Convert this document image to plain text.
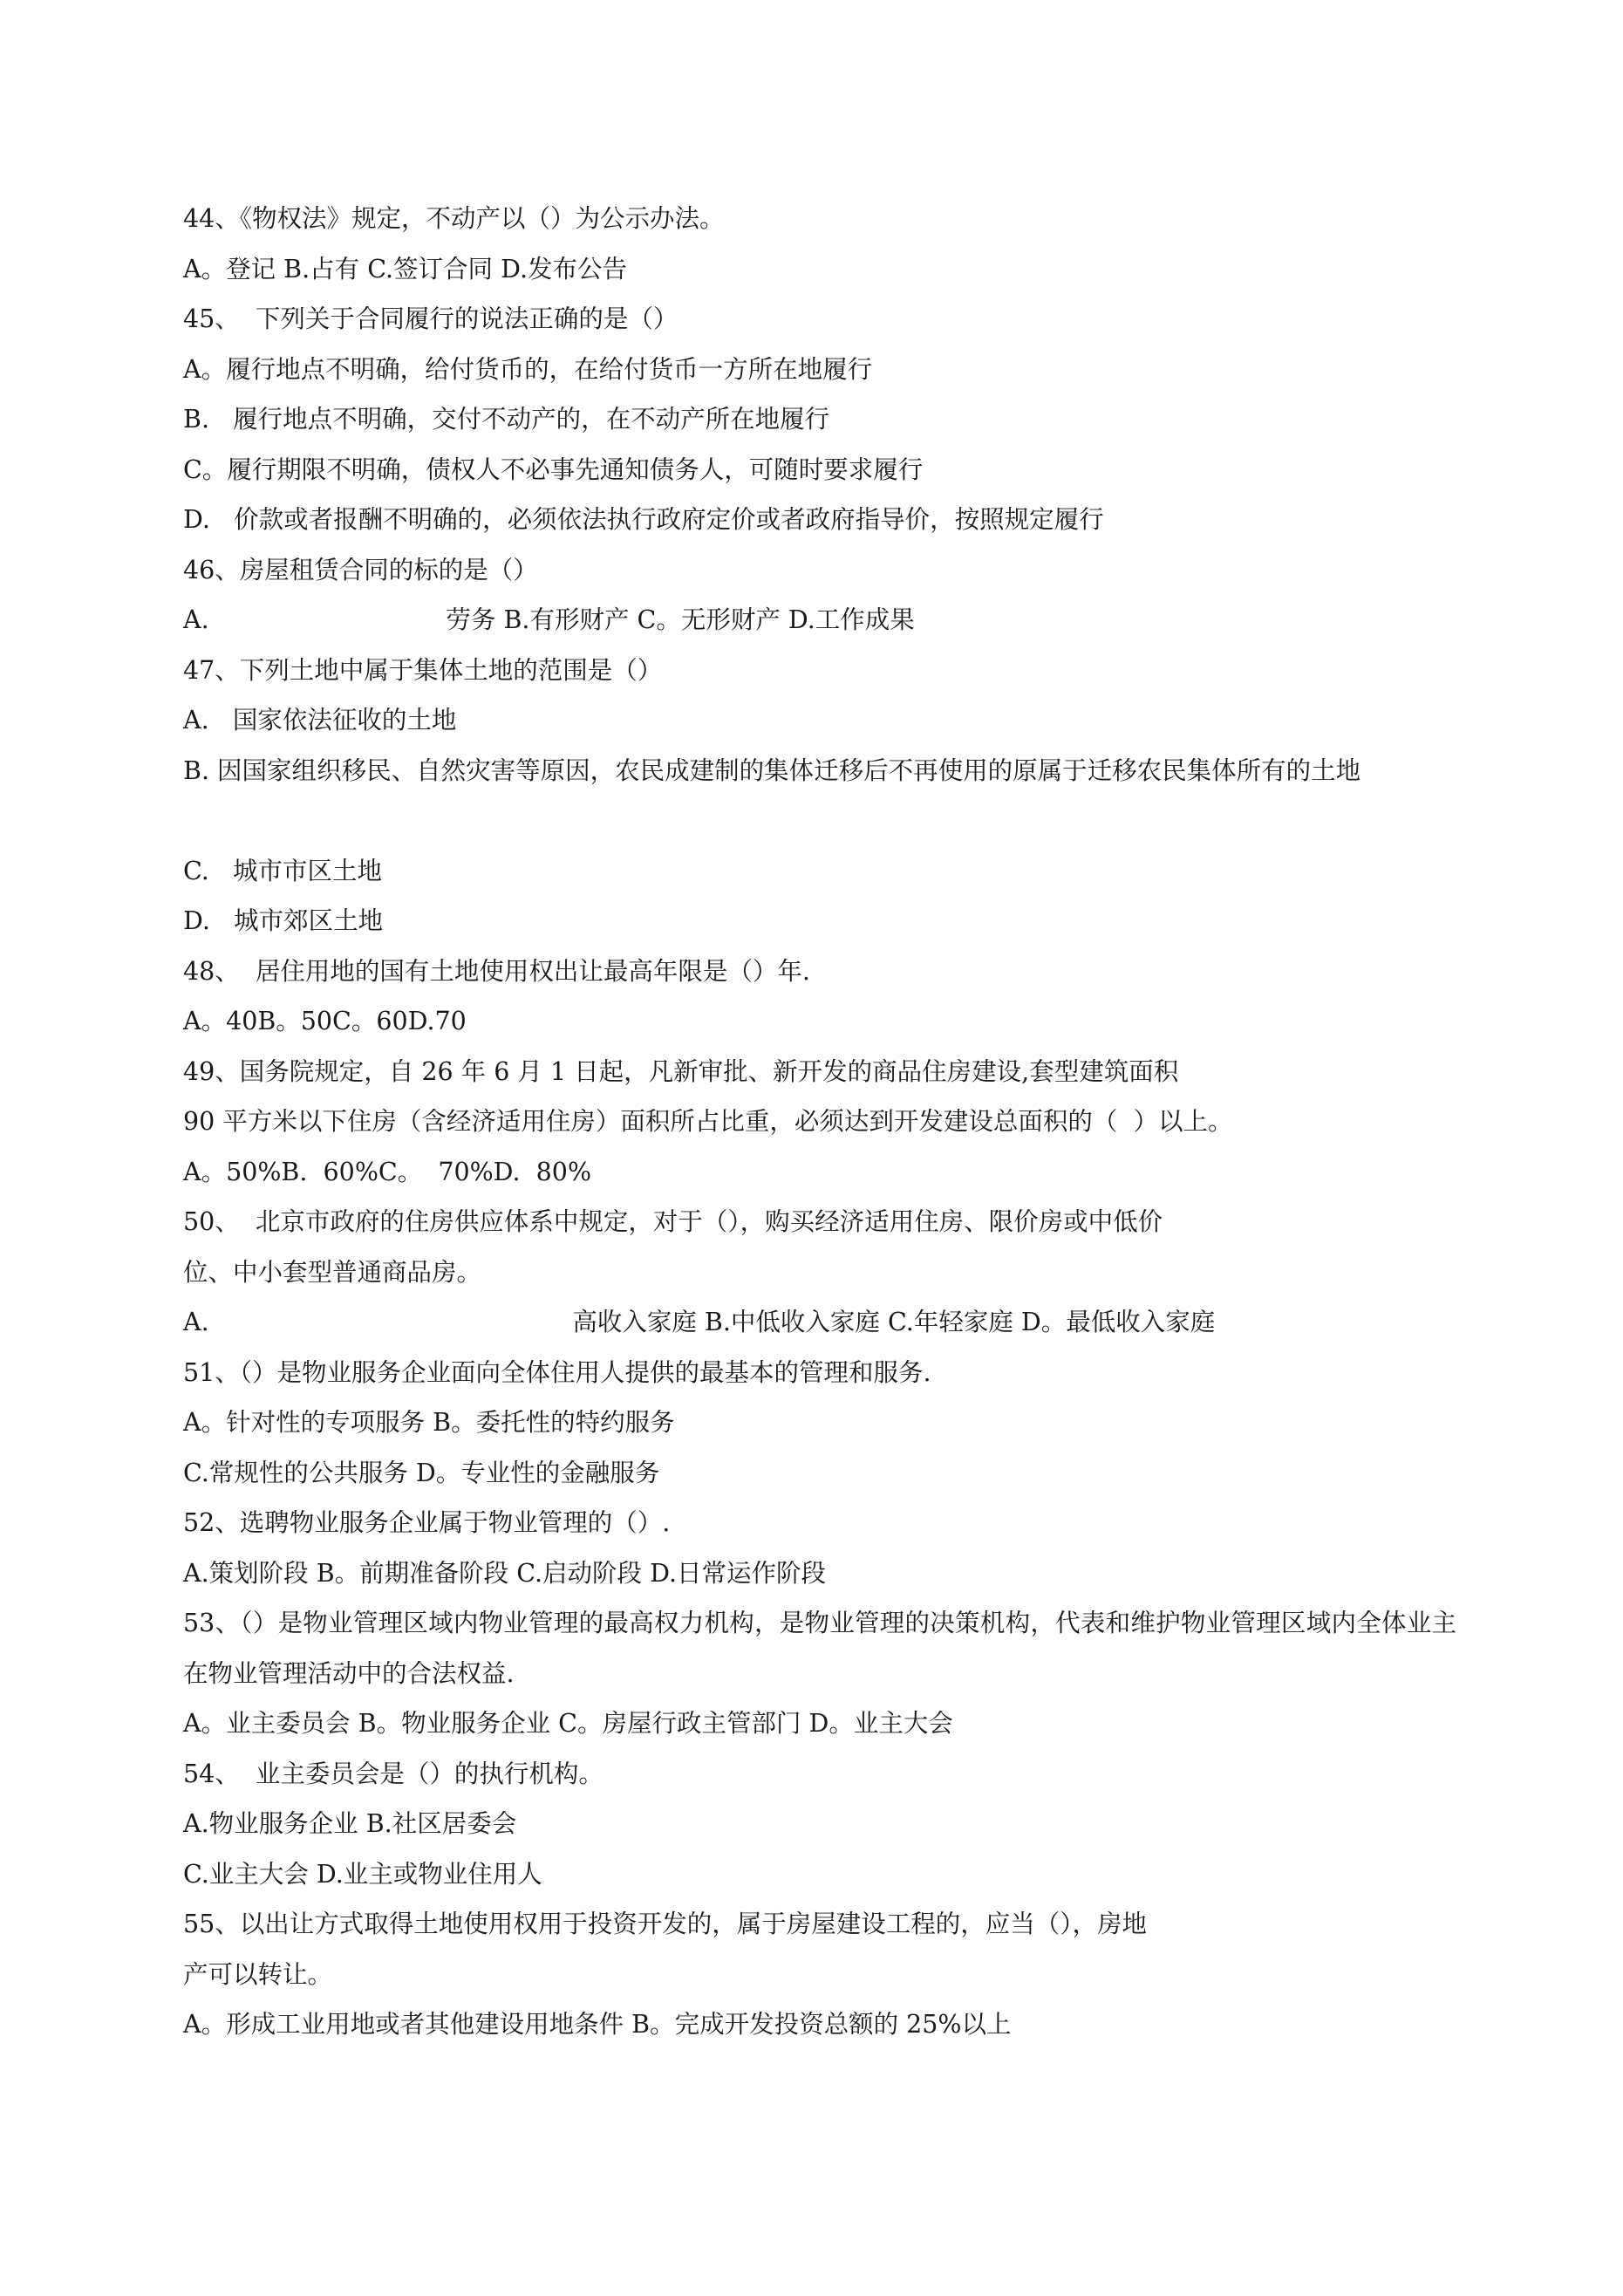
44、《物权法》规定，不动产以（）为公示办法。
A。登记 B.占有 C.签订合同 D.发布公告
45、  下列关于合同履行的说法正确的是（）
A。履行地点不明确，给付货币的，在给付货币一方所在地履行
B.   履行地点不明确，交付不动产的，在不动产所在地履行
C。履行期限不明确，债权人不必事先通知债务人，可随时要求履行
D.   价款或者报酬不明确的，必须依法执行政府定价或者政府指导价，按照规定履行
46、房屋租赁合同的标的是（）
A.                              劳务 B.有形财产 C。无形财产 D.工作成果
47、下列土地中属于集体土地的范围是（）
A.   国家依法征收的土地
B. 因国家组织移民、自然灾害等原因，农民成建制的集体迁移后不再使用的原属于迁移农民集体所有的土地
C.   城市市区土地
D.   城市郊区土地
48、  居住用地的国有土地使用权出让最高年限是（）年.
A。40B。50C。60D.70
49、国务院规定，自 26 年 6 月 1 日起，凡新审批、新开发的商品住房建设,套型建筑面积
90 平方米以下住房（含经济适用住房）面积所占比重，必须达到开发建设总面积的（  ）以上。
A。50%B.  60%C。  70%D.  80%
50、  北京市政府的住房供应体系中规定，对于（），购买经济适用住房、限价房或中低价
位、中小套型普通商品房。
A.                                              高收入家庭 B.中低收入家庭 C.年轻家庭 D。最低收入家庭
51、（）是物业服务企业面向全体住用人提供的最基本的管理和服务.
A。针对性的专项服务 B。委托性的特约服务
C.常规性的公共服务 D。专业性的金融服务
52、选聘物业服务企业属于物业管理的（）.
A.策划阶段 B。前期准备阶段 C.启动阶段 D.日常运作阶段
53、（）是物业管理区域内物业管理的最高权力机构，是物业管理的决策机构，代表和维护物业管理区域内全体业主在物业管理活动中的合法权益.
A。业主委员会 B。物业服务企业 C。房屋行政主管部门 D。业主大会
54、  业主委员会是（）的执行机构。
A.物业服务企业 B.社区居委会
C.业主大会 D.业主或物业住用人
55、以出让方式取得土地使用权用于投资开发的，属于房屋建设工程的，应当（），房地
产可以转让。
A。形成工业用地或者其他建设用地条件 B。完成开发投资总额的 25%以上
